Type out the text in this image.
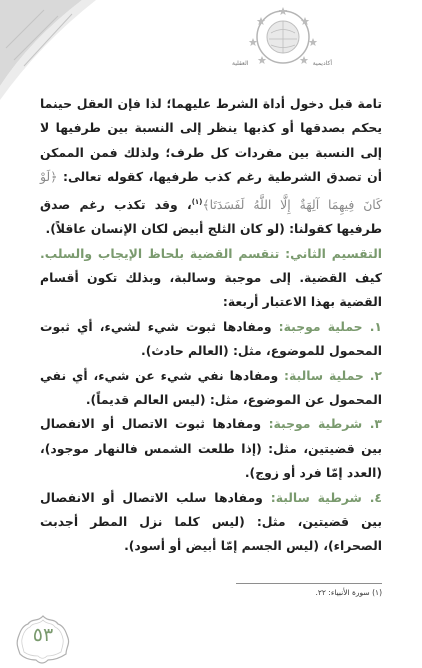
أكاديمية
العقلية

تامة قبل دخول أداة الشرط عليهما؛ لذا فإن العقل حينما يحكم بصدقها أو كذبها ينظر إلى النسبة بين طرفيها لا إلى النسبة بين مفردات كل طرف؛ ولذلك فمن الممكن أن تصدق الشرطية رغم كذب طرفيها، كقوله تعالى: ﴿لَوْ كَانَ فِيهِمَا آلِهَةٌ إِلَّا اللَّهُ لَفَسَدَتَا﴾$^{(١)}$، وقد تكذب رغم صدق طرفيها كقولنا: (لو كان الثلج أبيض لكان الإنسان عاقلاً).

التقسيم الثاني: تنقسم القضية بلحاظ الإيجاب والسلب. كيف القضية. إلى موجبة وسالبة، وبذلك تكون أقسام القضية بهذا الاعتبار أربعة:

١. حملية موجبة: ومفادها ثبوت شيء لشيء، أي ثبوت المحمول للموضوع، مثل: (العالم حادث).

٢. حملية سالبة: ومفادها نفي شيء عن شيء، أي نفي المحمول عن الموضوع، مثل: (ليس العالم قديماً).

٣. شرطية موجبة: ومفادها ثبوت الاتصال أو الانفصال بين قضيتين، مثل: (إذا طلعت الشمس فالنهار موجود)، (العدد إمّا فرد أو زوج).

٤. شرطية سالبة: ومفادها سلب الاتصال أو الانفصال بين قضيتين، مثل: (ليس كلما نزل المطر أجدبت الصحراء)، (ليس الجسم إمّا أبيض أو أسود).

(١) سورة الأنبياء: ٢٢.
٥٣
